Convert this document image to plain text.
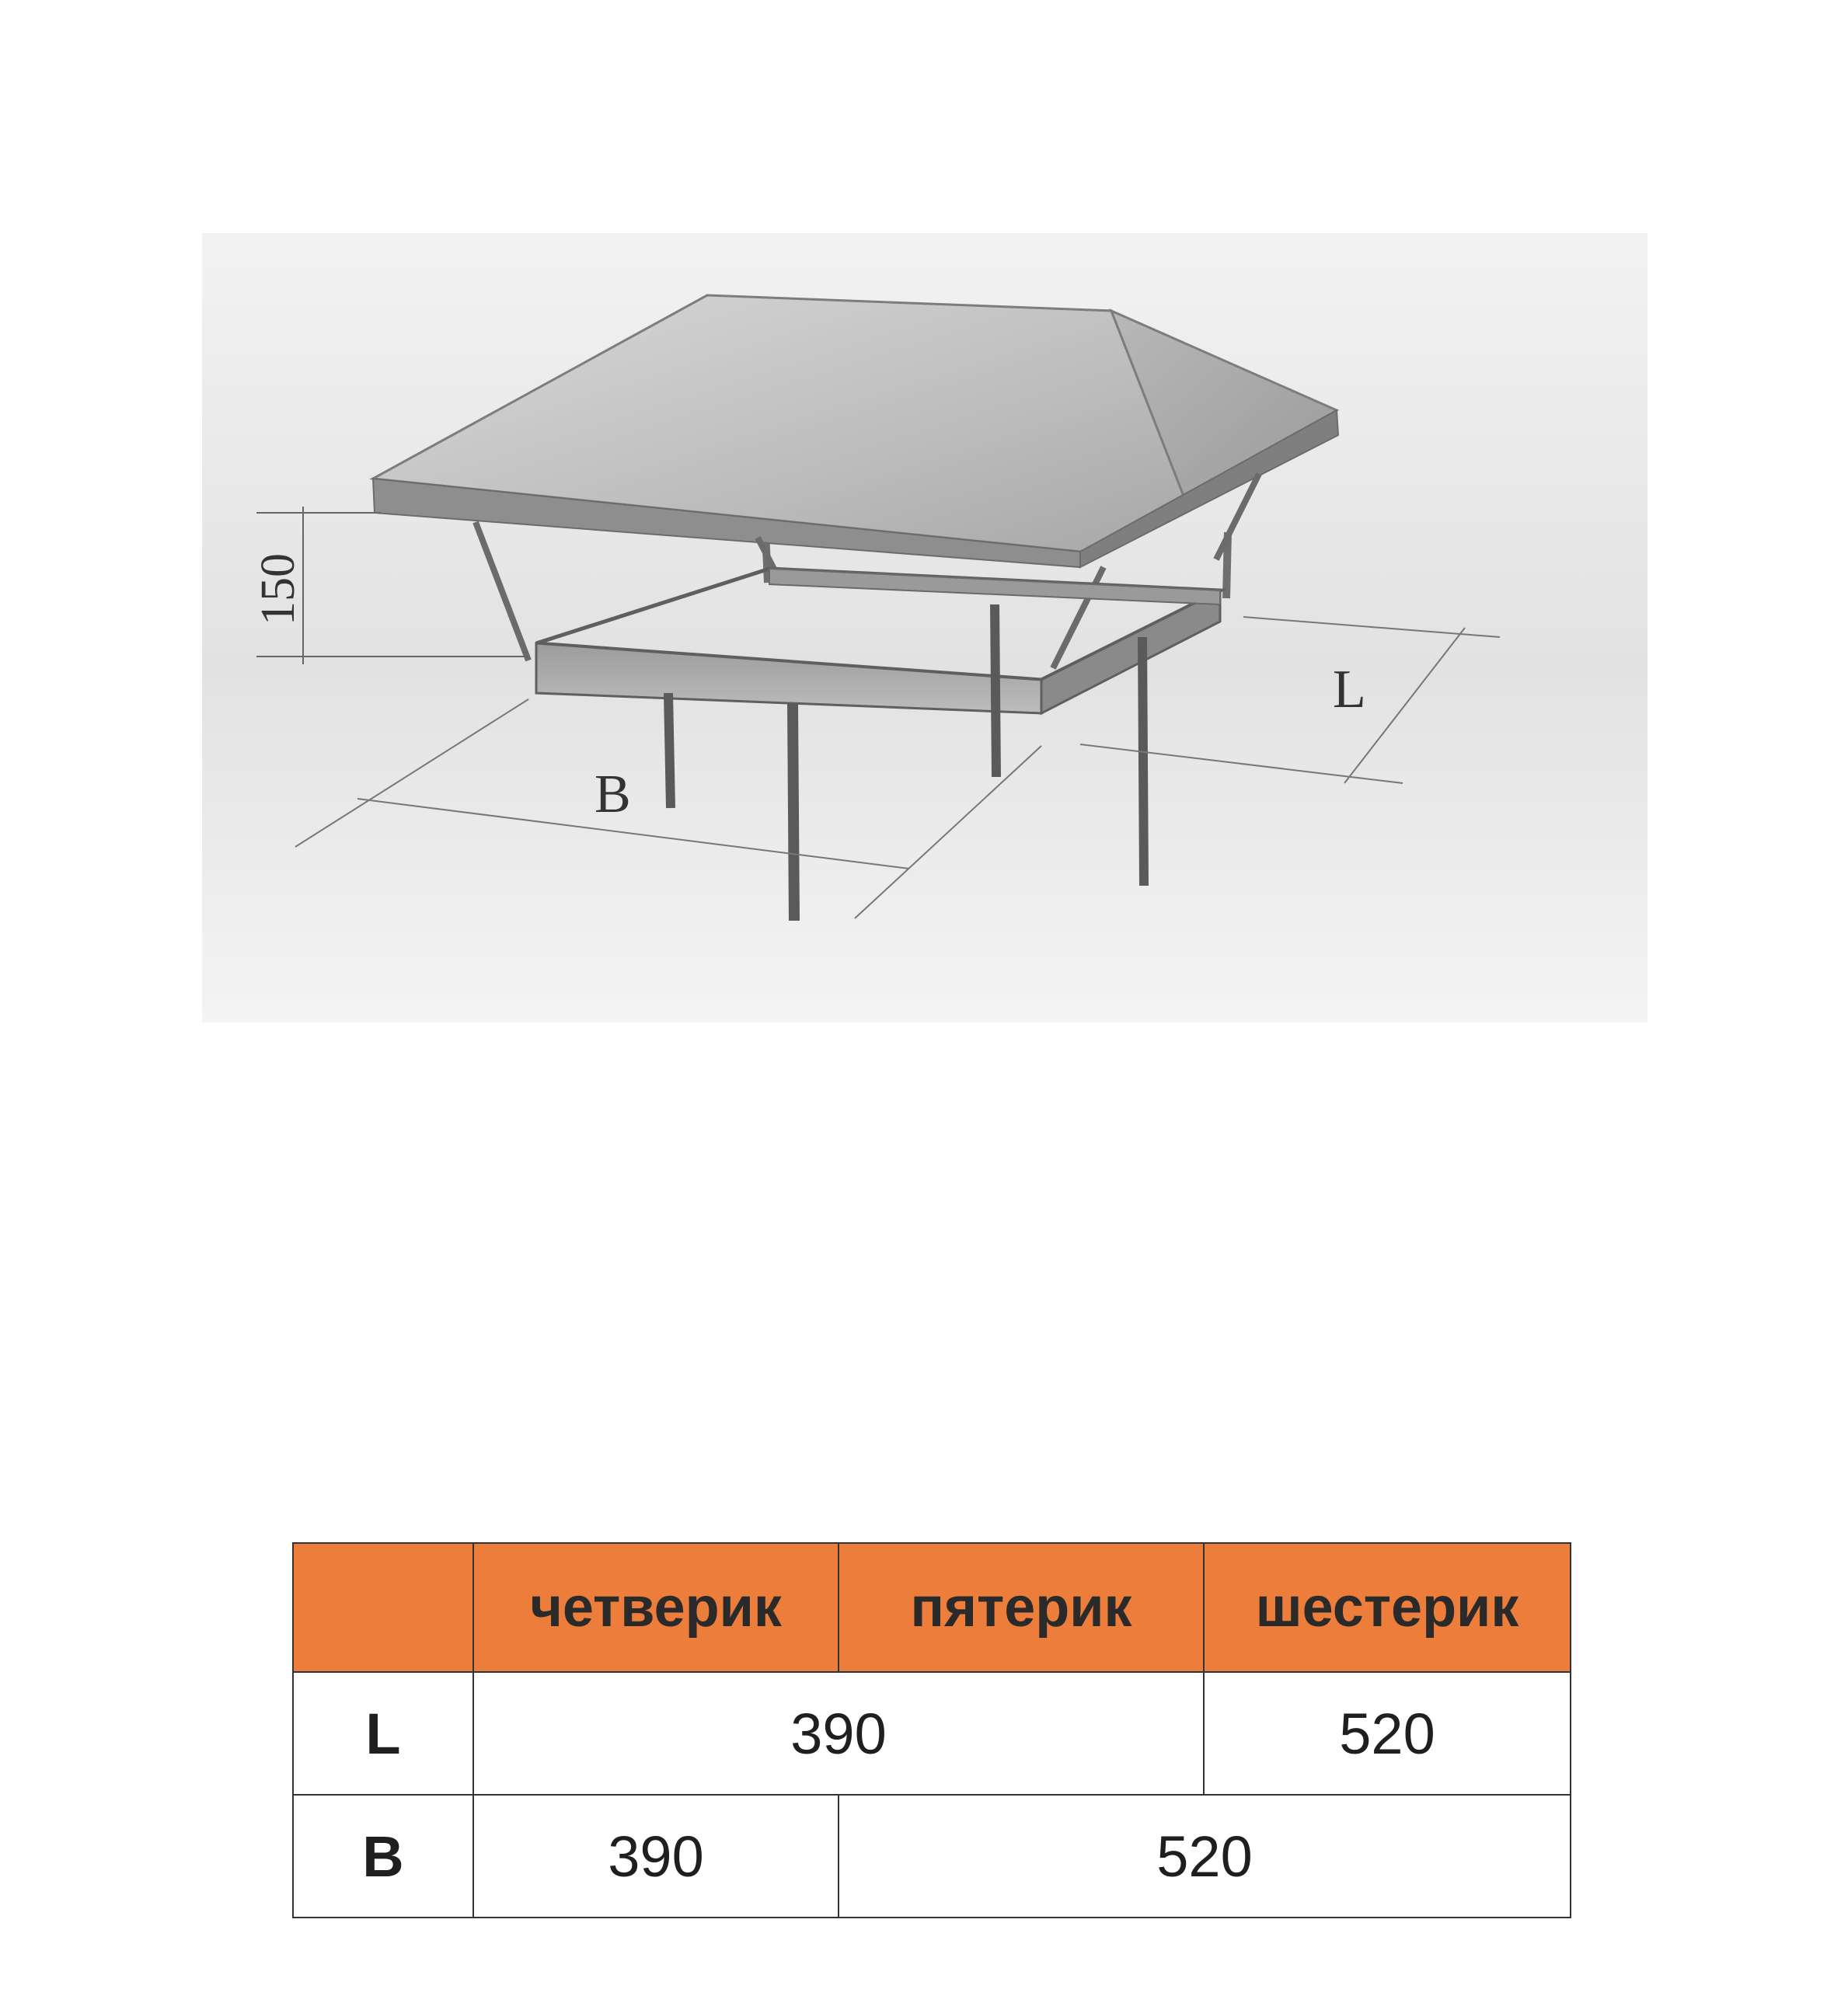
150
B
L
	четверик	пятерик	шестерик
L	390		520
B	390	520	
